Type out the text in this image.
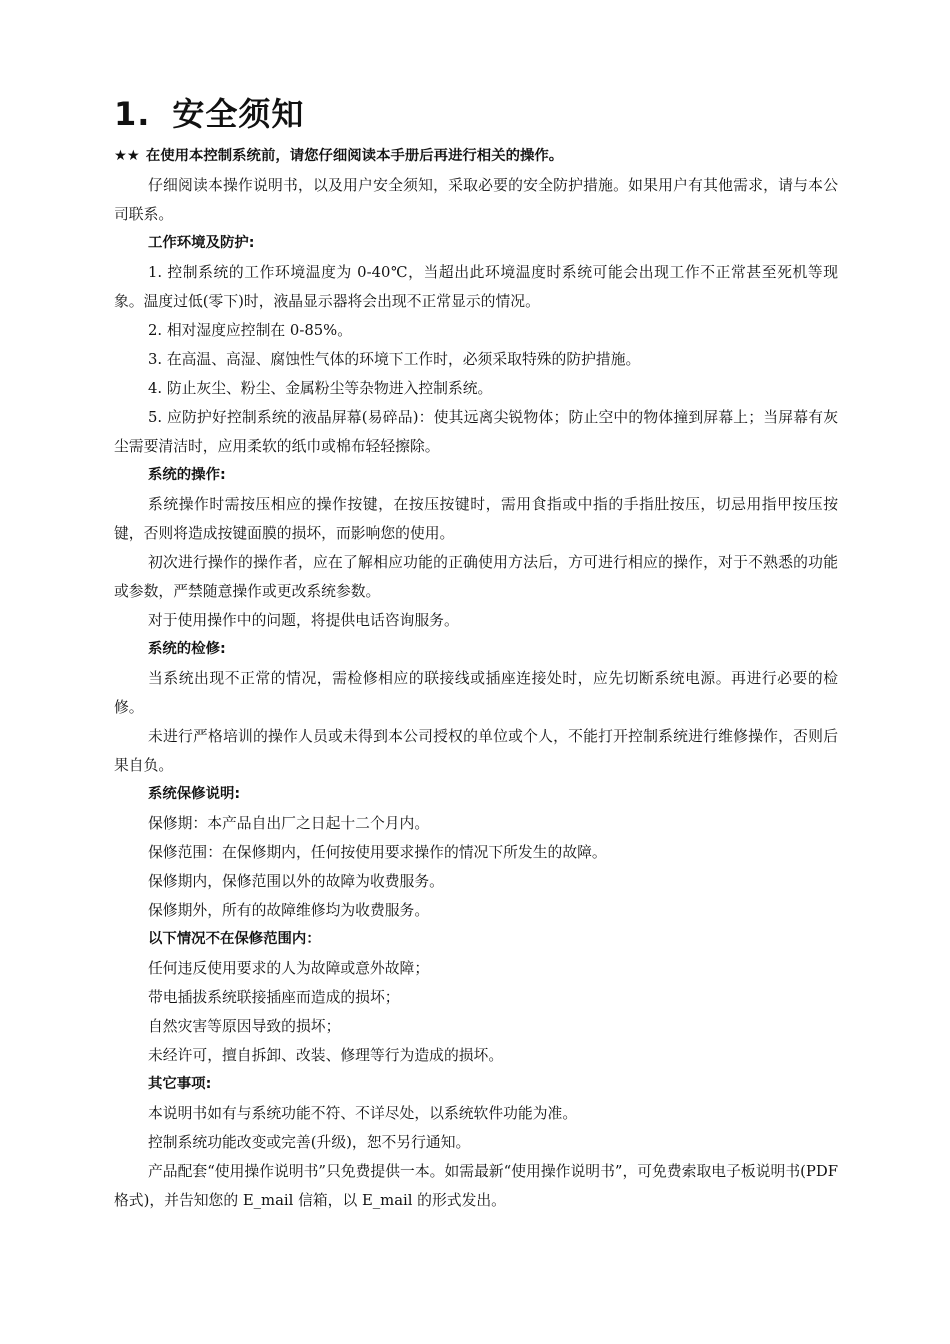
1. 安全须知
★★ 在使用本控制系统前，请您仔细阅读本手册后再进行相关的操作。

仔细阅读本操作说明书，以及用户安全须知，采取必要的安全防护措施。如果用户有其他需求，请与本公司联系。

工作环境及防护:

1. 控制系统的工作环境温度为 0-40℃，当超出此环境温度时系统可能会出现工作不正常甚至死机等现象。温度过低(零下)时，液晶显示器将会出现不正常显示的情况。

2. 相对湿度应控制在 0-85%。

3. 在高温、高湿、腐蚀性气体的环境下工作时，必须采取特殊的防护措施。

4. 防止灰尘、粉尘、金属粉尘等杂物进入控制系统。

5. 应防护好控制系统的液晶屏幕(易碎品)：使其远离尖锐物体；防止空中的物体撞到屏幕上；当屏幕有灰尘需要清洁时，应用柔软的纸巾或棉布轻轻擦除。

系统的操作:

系统操作时需按压相应的操作按键，在按压按键时，需用食指或中指的手指肚按压，切忌用指甲按压按键，否则将造成按键面膜的损坏，而影响您的使用。

初次进行操作的操作者，应在了解相应功能的正确使用方法后，方可进行相应的操作，对于不熟悉的功能或参数，严禁随意操作或更改系统参数。

对于使用操作中的问题，将提供电话咨询服务。

系统的检修:

当系统出现不正常的情况，需检修相应的联接线或插座连接处时，应先切断系统电源。再进行必要的检修。

未进行严格培训的操作人员或未得到本公司授权的单位或个人，不能打开控制系统进行维修操作，否则后果自负。

系统保修说明:

保修期：本产品自出厂之日起十二个月内。

保修范围：在保修期内，任何按使用要求操作的情况下所发生的故障。

保修期内，保修范围以外的故障为收费服务。

保修期外，所有的故障维修均为收费服务。

以下情况不在保修范围内：

任何违反使用要求的人为故障或意外故障；

带电插拔系统联接插座而造成的损坏；

自然灾害等原因导致的损坏；

未经许可，擅自拆卸、改装、修理等行为造成的损坏。

其它事项:

本说明书如有与系统功能不符、不详尽处，以系统软件功能为准。

控制系统功能改变或完善(升级)，恕不另行通知。

产品配套“使用操作说明书”只免费提供一本。如需最新“使用操作说明书”，可免费索取电子板说明书(PDF 格式)，并告知您的 E_mail 信箱，以 E_mail 的形式发出。
